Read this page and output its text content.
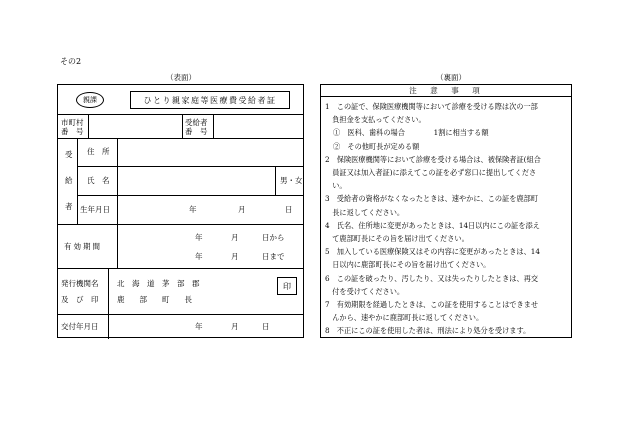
その2
（表面）	（裏面）
親課	ひとり親家庭等医療費受給者証
市町村
番　号
受給者
番　号
受
給
者
住　所
氏　名	男・女
生年月日	年	月	日
有効期間
年	月	日から
年	月	日まで
発行機関名
及　び　印
北　海　道　茅　部　郡
鹿　　部　　町　　長
印
交付年月日	年	月	日
注　意　事　項
1　この証で、保険医療機関等において診療を受ける際は次の一部
　負担金を支払ってください。
①　医科、歯科の場合　　　　1割に相当する額
②　その他町長が定める額
2　保険医療機関等において診療を受ける場合は、被保険者証(組合
　員証又は加入者証)に添えてこの証を必ず窓口に提出してくださ
　い。
3　受給者の資格がなくなったときは、速やかに、この証を鹿部町
　長に返してください。
4　氏名、住所地に変更があったときは、14日以内にこの証を添え
　て鹿部町長にその旨を届け出てください。
5　加入している医療保険又はその内容に変更があったときは、14
　日以内に鹿部町長にその旨を届け出てください。
6　この証を破ったり、汚したり、又は失ったりしたときは、再交
　付を受けてください。
7　有効期限を経過したときは、この証を使用することはできませ
　んから、速やかに鹿部町長に返してください。
8　不正にこの証を使用した者は、刑法により処分を受けます。
